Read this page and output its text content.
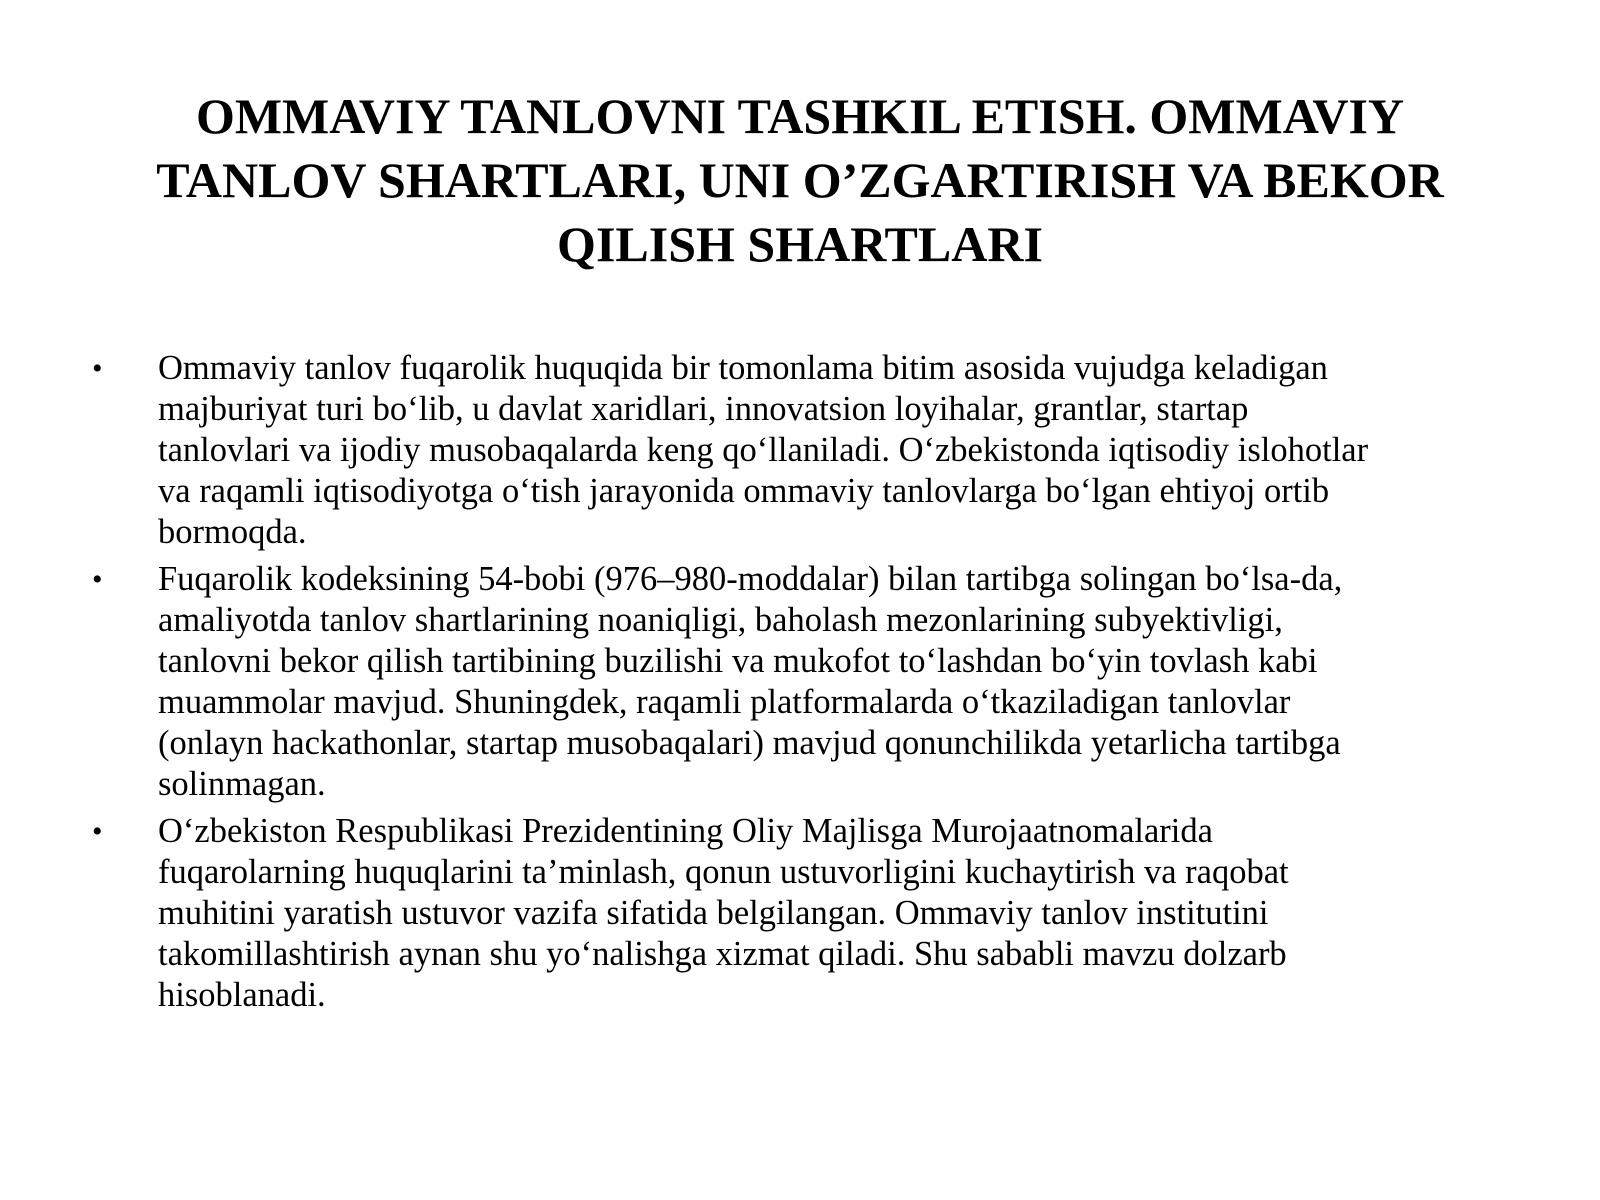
OMMAVIY TANLOVNI TASHKIL ETISH. OMMAVIY
TANLOV SHARTLARI, UNI O’ZGARTIRISH VA BEKOR
QILISH SHARTLARI
• Ommaviy tanlov fuqarolik huquqida bir tomonlama bitim asosida vujudga keladigan
majburiyat turi bo‘lib, u davlat xaridlari, innovatsion loyihalar, grantlar, startap
tanlovlari va ijodiy musobaqalarda keng qo‘llaniladi. O‘zbekistonda iqtisodiy islohotlar
va raqamli iqtisodiyotga o‘tish jarayonida ommaviy tanlovlarga bo‘lgan ehtiyoj ortib
bormoqda.
• Fuqarolik kodeksining 54-bobi (976–980-moddalar) bilan tartibga solingan bo‘lsa-da,
amaliyotda tanlov shartlarining noaniqligi, baholash mezonlarining subyektivligi,
tanlovni bekor qilish tartibining buzilishi va mukofot to‘lashdan bo‘yin tovlash kabi
muammolar mavjud. Shuningdek, raqamli platformalarda o‘tkaziladigan tanlovlar
(onlayn hackathonlar, startap musobaqalari) mavjud qonunchilikda yetarlicha tartibga
solinmagan.
• O‘zbekiston Respublikasi Prezidentining Oliy Majlisga Murojaatnomalarida
fuqarolarning huquqlarini ta’minlash, qonun ustuvorligini kuchaytirish va raqobat
muhitini yaratish ustuvor vazifa sifatida belgilangan. Ommaviy tanlov institutini
takomillashtirish aynan shu yo‘nalishga xizmat qiladi. Shu sababli mavzu dolzarb
hisoblanadi.
